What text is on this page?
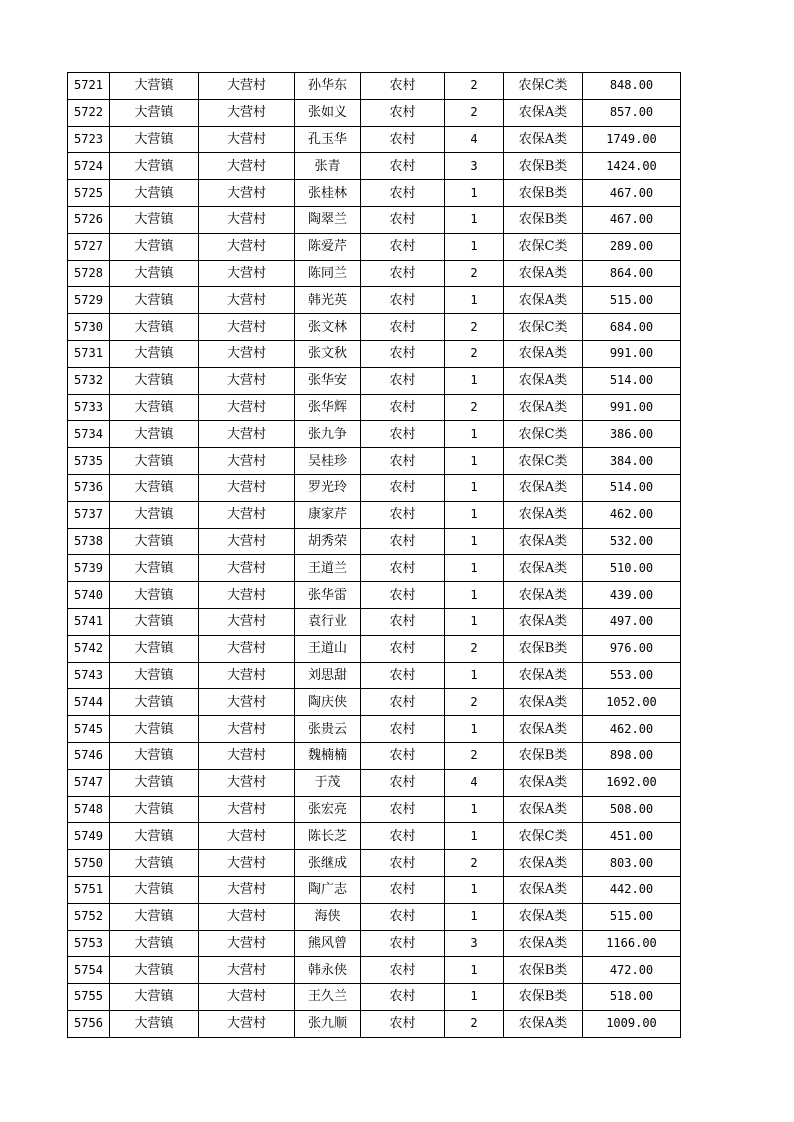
5721	大营镇	大营村	孙华东	农村	2	农保C类	848.00
5722	大营镇	大营村	张如义	农村	2	农保A类	857.00
5723	大营镇	大营村	孔玉华	农村	4	农保A类	1749.00
5724	大营镇	大营村	张青	农村	3	农保B类	1424.00
5725	大营镇	大营村	张桂林	农村	1	农保B类	467.00
5726	大营镇	大营村	陶翠兰	农村	1	农保B类	467.00
5727	大营镇	大营村	陈爱芹	农村	1	农保C类	289.00
5728	大营镇	大营村	陈同兰	农村	2	农保A类	864.00
5729	大营镇	大营村	韩光英	农村	1	农保A类	515.00
5730	大营镇	大营村	张文林	农村	2	农保C类	684.00
5731	大营镇	大营村	张文秋	农村	2	农保A类	991.00
5732	大营镇	大营村	张华安	农村	1	农保A类	514.00
5733	大营镇	大营村	张华辉	农村	2	农保A类	991.00
5734	大营镇	大营村	张九争	农村	1	农保C类	386.00
5735	大营镇	大营村	吴桂珍	农村	1	农保C类	384.00
5736	大营镇	大营村	罗光玲	农村	1	农保A类	514.00
5737	大营镇	大营村	康家芹	农村	1	农保A类	462.00
5738	大营镇	大营村	胡秀荣	农村	1	农保A类	532.00
5739	大营镇	大营村	王道兰	农村	1	农保A类	510.00
5740	大营镇	大营村	张华雷	农村	1	农保A类	439.00
5741	大营镇	大营村	袁行业	农村	1	农保A类	497.00
5742	大营镇	大营村	王道山	农村	2	农保B类	976.00
5743	大营镇	大营村	刘思甜	农村	1	农保A类	553.00
5744	大营镇	大营村	陶庆侠	农村	2	农保A类	1052.00
5745	大营镇	大营村	张贵云	农村	1	农保A类	462.00
5746	大营镇	大营村	魏楠楠	农村	2	农保B类	898.00
5747	大营镇	大营村	于茂	农村	4	农保A类	1692.00
5748	大营镇	大营村	张宏亮	农村	1	农保A类	508.00
5749	大营镇	大营村	陈长芝	农村	1	农保C类	451.00
5750	大营镇	大营村	张继成	农村	2	农保A类	803.00
5751	大营镇	大营村	陶广志	农村	1	农保A类	442.00
5752	大营镇	大营村	海侠	农村	1	农保A类	515.00
5753	大营镇	大营村	熊风曾	农村	3	农保A类	1166.00
5754	大营镇	大营村	韩永侠	农村	1	农保B类	472.00
5755	大营镇	大营村	王久兰	农村	1	农保B类	518.00
5756	大营镇	大营村	张九顺	农村	2	农保A类	1009.00
